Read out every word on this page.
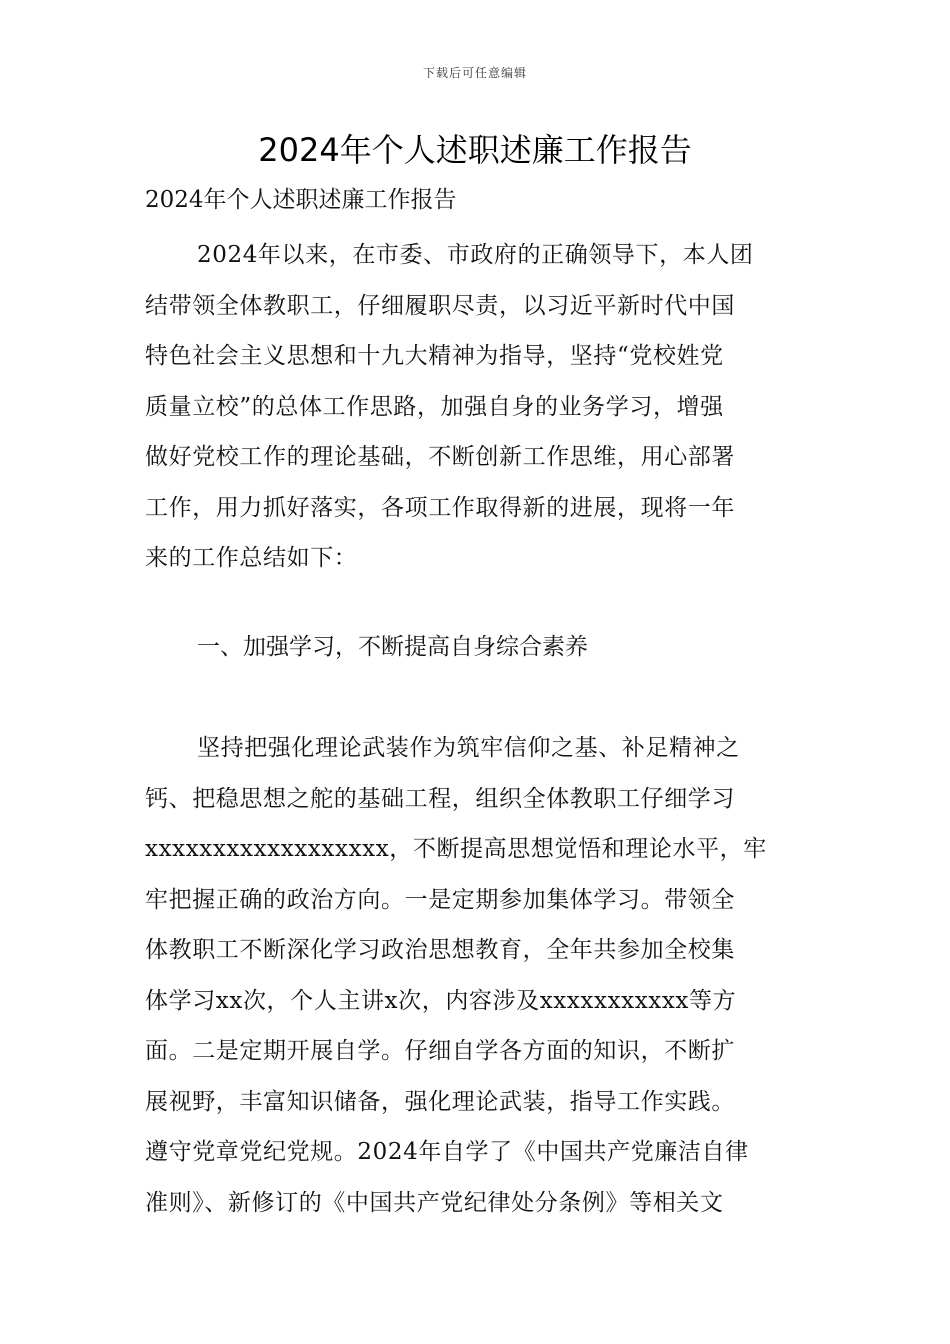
下载后可任意编辑
2024年个人述职述廉工作报告
2024年个人述职述廉工作报告

2024年以来，在市委、市政府的正确领导下，本人团
结带领全体教职工，仔细履职尽责，以习近平新时代中国
特色社会主义思想和十九大精神为指导，坚持“党校姓党
质量立校”的总体工作思路，加强自身的业务学习，增强
做好党校工作的理论基础，不断创新工作思维，用心部署
工作，用力抓好落实，各项工作取得新的进展，现将一年
来的工作总结如下：

一、加强学习，不断提高自身综合素养

坚持把强化理论武装作为筑牢信仰之基、补足精神之
钙、把稳思想之舵的基础工程，组织全体教职工仔细学习
xxxxxxxxxxxxxxxxxx，不断提高思想觉悟和理论水平，牢
牢把握正确的政治方向。一是定期参加集体学习。带领全
体教职工不断深化学习政治思想教育，全年共参加全校集
体学习xx次，个人主讲x次，内容涉及xxxxxxxxxxx等方
面。二是定期开展自学。仔细自学各方面的知识，不断扩
展视野，丰富知识储备，强化理论武装，指导工作实践。
遵守党章党纪党规。2024年自学了《中国共产党廉洁自律
准则》、新修订的《中国共产党纪律处分条例》等相关文
